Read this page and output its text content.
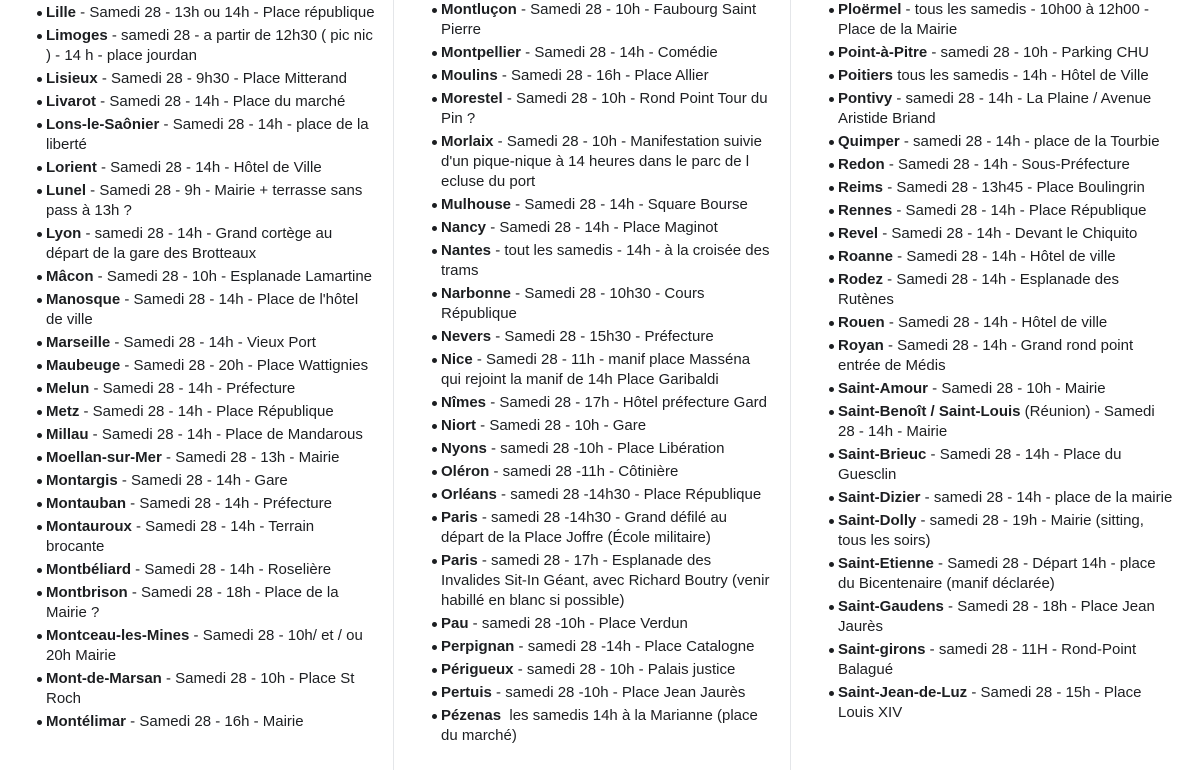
Lille - Samedi 28 - 13h ou 14h - Place république
Limoges - samedi 28 - a partir de 12h30 ( pic nic ) - 14 h - place jourdan
Lisieux - Samedi 28 - 9h30 - Place Mitterand
Livarot - Samedi 28 - 14h - Place du marché
Lons-le-Saônier - Samedi 28 - 14h - place de la liberté
Lorient - Samedi 28 - 14h - Hôtel de Ville
Lunel - Samedi 28 - 9h - Mairie + terrasse sans pass à 13h ?
Lyon - samedi 28 - 14h - Grand cortège au départ de la gare des Brotteaux
Mâcon - Samedi 28 - 10h - Esplanade Lamartine
Manosque - Samedi 28 - 14h - Place de l'hôtel de ville
Marseille - Samedi 28 - 14h - Vieux Port
Maubeuge - Samedi 28 - 20h - Place Wattignies
Melun - Samedi 28 - 14h - Préfecture
Metz - Samedi 28 - 14h - Place République
Millau - Samedi 28 - 14h - Place de Mandarous
Moellan-sur-Mer - Samedi 28 - 13h - Mairie
Montargis - Samedi 28 - 14h - Gare
Montauban - Samedi 28 - 14h - Préfecture
Montauroux - Samedi 28 - 14h - Terrain brocante
Montbéliard - Samedi 28 - 14h - Roselière
Montbrison - Samedi 28 - 18h - Place de la Mairie ?
Montceau-les-Mines - Samedi 28 - 10h/ et / ou 20h Mairie
Mont-de-Marsan - Samedi 28 - 10h - Place St Roch
Montélimar - Samedi 28 - 16h - Mairie
Montluçon - Samedi 28 - 10h - Faubourg Saint Pierre
Montpellier - Samedi 28 - 14h - Comédie
Moulins - Samedi 28 - 16h - Place Allier
Morestel - Samedi 28 - 10h - Rond Point Tour du Pin ?
Morlaix - Samedi 28 - 10h - Manifestation suivie d'un pique-nique à 14 heures dans le parc de l ecluse du port
Mulhouse - Samedi 28 - 14h - Square Bourse
Nancy - Samedi 28 - 14h - Place Maginot
Nantes - tout les samedis - 14h - à la croisée des trams
Narbonne - Samedi 28 - 10h30 - Cours République
Nevers - Samedi 28 - 15h30 - Préfecture
Nice - Samedi 28 - 11h - manif place Masséna qui rejoint la manif de 14h Place Garibaldi
Nîmes - Samedi 28 - 17h - Hôtel préfecture Gard
Niort - Samedi 28 - 10h - Gare
Nyons - samedi 28 -10h - Place Libération
Oléron - samedi 28 -11h - Côtinière
Orléans - samedi 28 -14h30 - Place République
Paris - samedi 28 -14h30 - Grand défilé au départ de la Place Joffre (École militaire)
Paris - samedi 28 - 17h - Esplanade des Invalides Sit-In Géant, avec Richard Boutry (venir habillé en blanc si possible)
Pau - samedi 28 -10h - Place Verdun
Perpignan - samedi 28 -14h - Place Catalogne
Périgueux - samedi 28 - 10h - Palais justice
Pertuis - samedi 28 -10h - Place Jean Jaurès
Pézenas  les samedis 14h à la Marianne (place du marché)
Ploërmel - tous les samedis - 10h00 à 12h00 - Place de la Mairie
Point-à-Pitre - samedi 28 - 10h - Parking CHU
Poitiers tous les samedis - 14h - Hôtel de Ville
Pontivy - samedi 28 - 14h - La Plaine / Avenue Aristide Briand
Quimper - samedi 28 - 14h - place de la Tourbie
Redon - Samedi 28 - 14h - Sous-Préfecture
Reims - Samedi 28 - 13h45 - Place Boulingrin
Rennes - Samedi 28 - 14h - Place République
Revel - Samedi 28 - 14h - Devant le Chiquito
Roanne - Samedi 28 - 14h - Hôtel de ville
Rodez - Samedi 28 - 14h - Esplanade des Rutènes
Rouen - Samedi 28 - 14h - Hôtel de ville
Royan - Samedi 28 - 14h - Grand rond point entrée de Médis
Saint-Amour - Samedi 28 - 10h - Mairie
Saint-Benoît / Saint-Louis (Réunion) - Samedi 28 - 14h - Mairie
Saint-Brieuc - Samedi 28 - 14h - Place du Guesclin
Saint-Dizier - samedi 28 - 14h - place de la mairie
Saint-Dolly - samedi 28 - 19h - Mairie (sitting, tous les soirs)
Saint-Etienne - Samedi 28 - Départ 14h - place du Bicentenaire (manif déclarée)
Saint-Gaudens - Samedi 28 - 18h - Place Jean Jaurès
Saint-girons - samedi 28 - 11H - Rond-Point Balagué
Saint-Jean-de-Luz - Samedi 28 - 15h - Place Louis XIV
